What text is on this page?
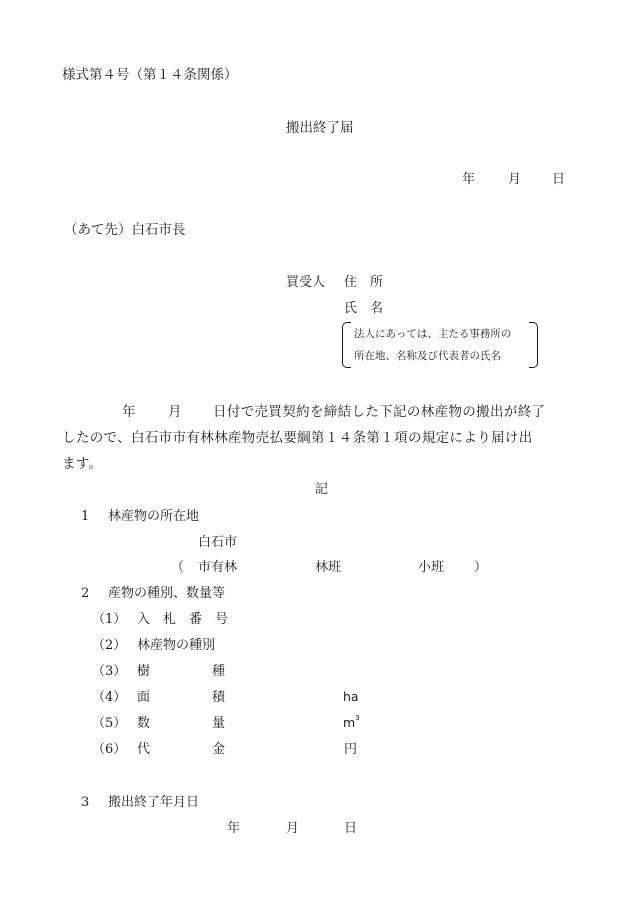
様式第４号（第１４条関係）
搬出終了届
年	月 日
（あて先）白石市長
買受人 住　所
氏　名
法人にあっては、主たる事務所の
所在地、名称及び代表者の氏名
年 月 日付で売買契約を締結した下記の林産物の搬出が終了
したので、白石市市有林林産物売払要綱第１４条第１項の規定により届け出
ます。
記
1 林産物の所在地
白石市
（ 市有林	林班	小班 ）
2 産物の種別、数量等
（1） 入　札　番　号
（2） 林産物の種別
（3） 樹	種
（4） 面	積	ha
（5） 数	量	$m^3$
（6） 代	金	円
3 搬出終了年月日
年	月	日
